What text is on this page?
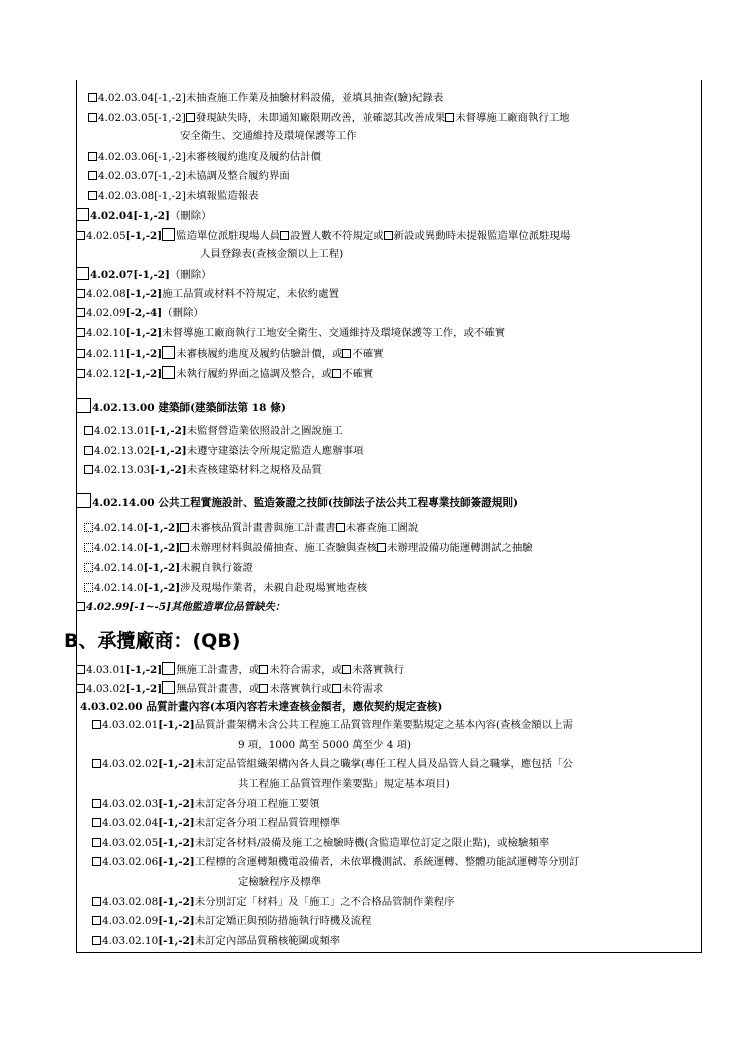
4.02.03.04[-1,-2]未抽查施工作業及抽驗材料設備，並填具抽查(驗)紀錄表
4.02.03.05[-1,-2] 發現缺失時，未即通知廠限期改善，並確認其改善成果 未督導施工廠商執行工地
安全衛生、交通維持及環境保護等工作
4.02.03.06[-1,-2]未審核履約進度及履約估計價
4.02.03.07[-1,-2]未協調及整合履約界面
4.02.03.08[-1,-2]未填報監造報表
4.02.04[-1,-2]（刪除）
4.02.05[-1,-2] 監造單位派駐現場人員 設置人數不符規定或 新設或異動時未提報監造單位派駐現場
人員登錄表(查核金額以上工程)
4.02.07[-1,-2]（刪除）
4.02.08[-1,-2]施工品質或材料不符規定，未依約處置
4.02.09[-2,-4]（刪除）
4.02.10[-1,-2]未督導施工廠商執行工地安全衛生、交通維持及環境保護等工作，或不確實
4.02.11[-1,-2] 未審核履約進度及履約估驗計價，或 不確實
4.02.12[-1,-2] 未執行履約界面之協調及整合，或 不確實
4.02.13.00 建築師(建築師法第 18 條)
4.02.13.01[-1,-2]未監督營造業依照設計之圖說施工
4.02.13.02[-1,-2]未遵守建築法令所規定監造人應辦事項
4.02.13.03[-1,-2]未查核建築材料之規格及品質
4.02.14.00 公共工程實施設計、監造簽證之技師(技師法子法公共工程專業技師簽證規則)
4.02.14.0[-1,-2] 未審核品質計畫書與施工計畫書 未審查施工圖說
4.02.14.0[-1,-2] 未辦理材料與設備抽查、施工查驗與查核 未辦理設備功能運轉測試之抽驗
4.02.14.0[-1,-2]未親自執行簽證
4.02.14.0[-1,-2]涉及現場作業者，未親自赴現場實地查核
4.02.99[-1~-5]其他監造單位品管缺失：
B、承攬廠商：(QB)
4.03.01[-1,-2] 無施工計畫書，或 未符合需求，或 未落實執行
4.03.02[-1,-2] 無品質計畫書，或 未落實執行或 未符需求
4.03.02.00 品質計畫內容(本項內容若未達查核金額者，應依契約規定查核)
4.03.02.01[-1,-2]品質計畫架構未含公共工程施工品質管理作業要點規定之基本內容(查核金額以上需
9 項，1000 萬至 5000 萬至少 4 項)
4.03.02.02[-1,-2]未訂定品管組織架構內各人員之職掌(專任工程人員及品管人員之職掌，應包括「公
共工程施工品質管理作業要點」規定基本項目)
4.03.02.03[-1,-2]未訂定各分項工程施工要領
4.03.02.04[-1,-2]未訂定各分項工程品質管理標準
4.03.02.05[-1,-2]未訂定各材料/設備及施工之檢驗時機(含監造單位訂定之限止點)，或檢驗頻率
4.03.02.06[-1,-2]工程標的含運轉類機電設備者，未依單機測試、系統運轉、整體功能試運轉等分別訂
定檢驗程序及標準
4.03.02.08[-1,-2]未分別訂定「材料」及「施工」之不合格品管制作業程序
4.03.02.09[-1,-2]未訂定矯正與預防措施執行時機及流程
4.03.02.10[-1,-2]未訂定內部品質稽核範圍或頻率
